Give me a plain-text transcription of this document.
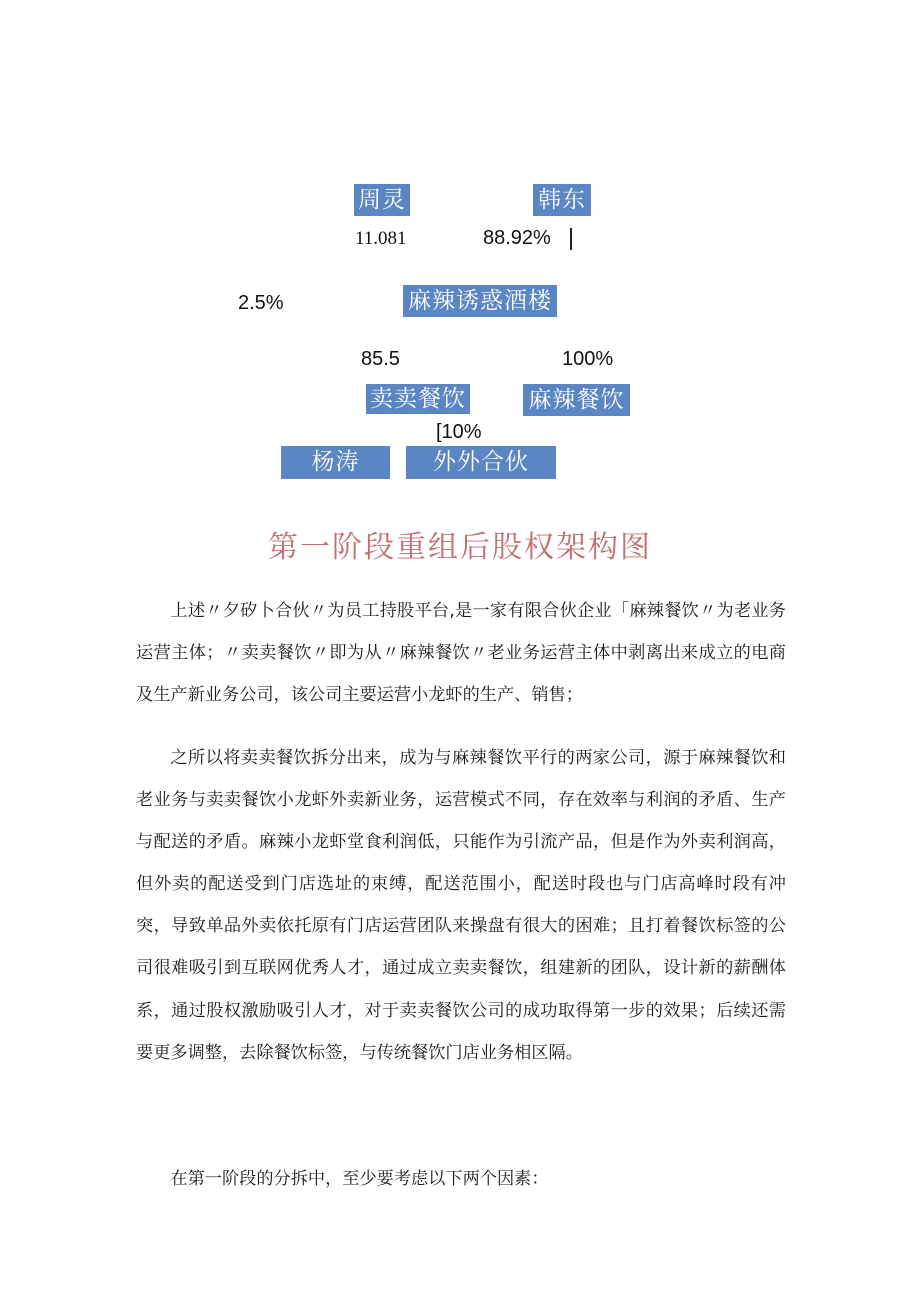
周灵	韩东
11.081	88.92%
2.5%	麻辣诱惑酒楼
85.5	100%
卖卖餐饮	麻辣餐饮
[10%
杨涛	外外合伙
第一阶段重组后股权架构图

上述〃夕矽卜合伙〃为员工持股平台,是一家有限合伙企业「麻辣餐饮〃为老业务运营主体；〃卖卖餐饮〃即为从〃麻辣餐饮〃老业务运营主体中剥离出来成立的电商及生产新业务公司，该公司主要运营小龙虾的生产、销售；

之所以将卖卖餐饮拆分出来，成为与麻辣餐饮平行的两家公司，源于麻辣餐饮和老业务与卖卖餐饮小龙虾外卖新业务，运营模式不同，存在效率与利润的矛盾、生产与配送的矛盾。麻辣小龙虾堂食利润低，只能作为引流产品，但是作为外卖利润高，但外卖的配送受到门店选址的束缚，配送范围小，配送时段也与门店高峰时段有冲突，导致单品外卖依托原有门店运营团队来操盘有很大的困难；且打着餐饮标签的公司很难吸引到互联网优秀人才，通过成立卖卖餐饮，组建新的团队，设计新的薪酬体系，通过股权激励吸引人才，对于卖卖餐饮公司的成功取得第一步的效果；后续还需要更多调整，去除餐饮标签，与传统餐饮门店业务相区隔。

在第一阶段的分拆中，至少要考虑以下两个因素：
